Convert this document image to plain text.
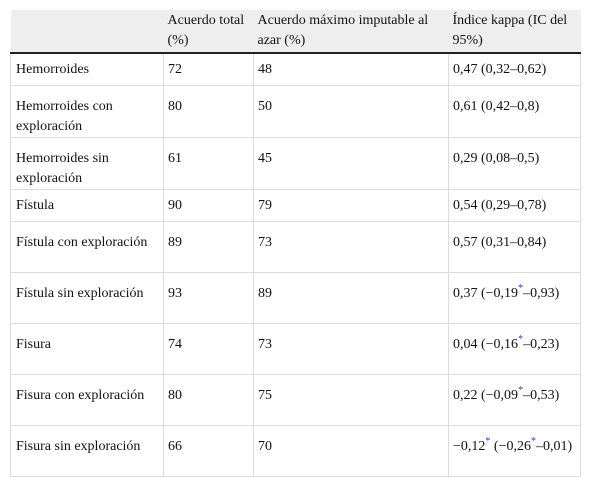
	Acuerdo total (%)	Acuerdo máximo imputable al azar (%)	Índice kappa (IC del 95%)
Hemorroides	72	48	0,47 (0,32–0,62)
Hemorroides con exploración	80	50	0,61 (0,42–0,8)
Hemorroides sin exploración	61	45	0,29 (0,08–0,5)
Fístula	90	79	0,54 (0,29–0,78)
Fístula con exploración	89	73	0,57 (0,31–0,84)
Fístula sin exploración	93	89	0,37 (−0,19*–0,93)
Fisura	74	73	0,04 (−0,16*–0,23)
Fisura con exploración	80	75	0,22 (−0,09*–0,53)
Fisura sin exploración	66	70	−0,12* (−0,26*–0,01)
